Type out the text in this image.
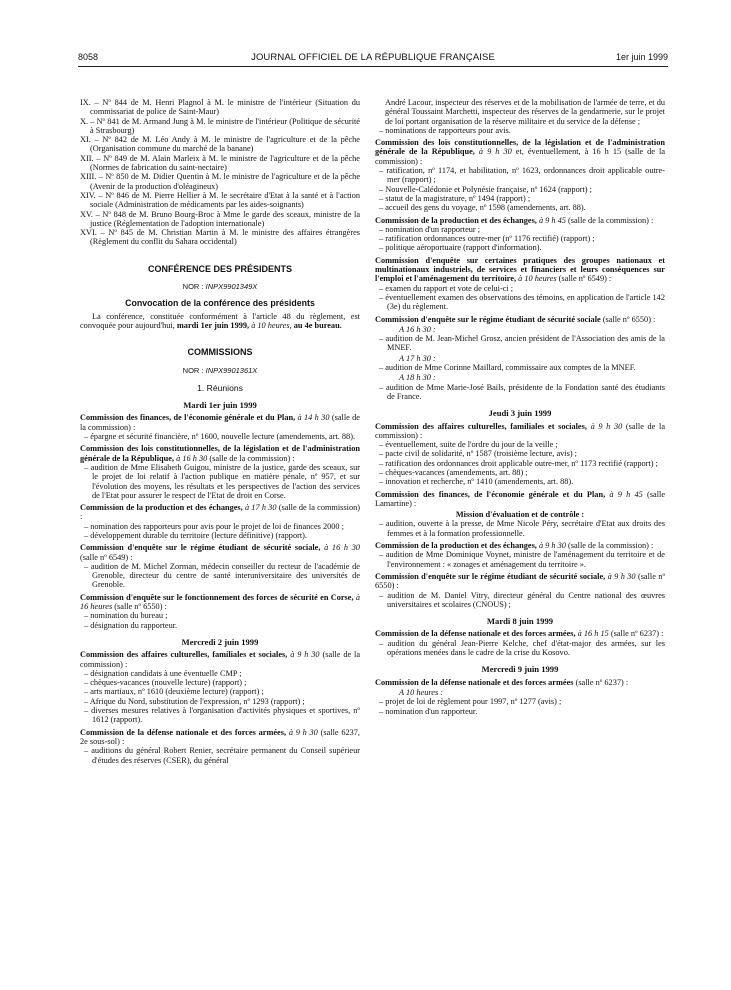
8058	JOURNAL OFFICIEL DE LA RÉPUBLIQUE FRANÇAISE	1er juin 1999

IX. – Nº 844 de M. Henri Plagnol à M. le ministre de l'intérieur (Situation du commissariat de police de Saint-Maur)

X. – Nº 841 de M. Armand Jung à M. le ministre de l'intérieur (Politique de sécurité à Strasbourg)

XI. – Nº 842 de M. Léo Andy à M. le ministre de l'agriculture et de la pêche (Organisation commune du marché de la banane)

XII. – Nº 849 de M. Alain Marleix à M. le ministre de l'agriculture et de la pêche (Normes de fabrication du saint-nectaire)

XIII. – Nº 850 de M. Didier Quentin à M. le ministre de l'agriculture et de la pêche (Avenir de la production d'oléagineux)

XIV. – Nº 846 de M. Pierre Hellier à M. le secrétaire d'Etat à la santé et à l'action sociale (Administration de médicaments par les aides-soignants)

XV. – Nº 848 de M. Bruno Bourg-Broc à Mme le garde des sceaux, ministre de la justice (Réglementation de l'adoption internationale)

XVI. – Nº 845 de M. Christian Martin à M. le ministre des affaires étrangères (Règlement du conflit du Sahara occidental)

CONFÉRENCE DES PRÉSIDENTS

NOR : INPX9901349X

Convocation de la conférence des présidents

La conférence, constituée conformément à l'article 48 du règlement, est convoquée pour aujourd'hui, mardi 1er juin 1999, à 10 heures, au 4e bureau.

COMMISSIONS

NOR : INPX9901361X

1. Réunions

Mardi 1er juin 1999

Commission des finances, de l'économie générale et du Plan, à 14 h 30 (salle de la commission) :

– épargne et sécurité financière, nº 1600, nouvelle lecture (amendements, art. 88).

Commission des lois constitutionnelles, de la législation et de l'administration générale de la République, à 16 h 30 (salle de la commission) :

– audition de Mme Elisabeth Guigou, ministre de la justice, garde des sceaux, sur le projet de loi relatif à l'action publique en matière pénale, nº 957, et sur l'évolution des moyens, les résultats et les perspectives de l'action des services de l'Etat pour assurer le respect de l'Etat de droit en Corse.

Commission de la production et des échanges, à 17 h 30 (salle de la commission) :

– nomination des rapporteurs pour avis pour le projet de loi de finances 2000 ;

– développement durable du territoire (lecture définitive) (rapport).

Commission d'enquête sur le régime étudiant de sécurité sociale, à 16 h 30 (salle nº 6549) :

– audition de M. Michel Zorman, médecin conseiller du recteur de l'académie de Grenoble, directeur du centre de santé interuniversitaire des universités de Grenoble.

Commission d'enquête sur le fonctionnement des forces de sécurité en Corse, à 16 heures (salle nº 6550) :

– nomination du bureau ;

– désignation du rapporteur.

Mercredi 2 juin 1999

Commission des affaires culturelles, familiales et sociales, à 9 h 30 (salle de la commission) :

– désignation candidats à une éventuelle CMP ;

– chèques-vacances (nouvelle lecture) (rapport) ;

– arts martiaux, nº 1610 (deuxième lecture) (rapport) ;

– Afrique du Nord, substitution de l'expression, nº 1293 (rapport) ;

– diverses mesures relatives à l'organisation d'activités physiques et sportives, nº 1612 (rapport).

Commission de la défense nationale et des forces armées, à 9 h 30 (salle 6237, 2e sous-sol) :

– auditions du général Robert Renier, secrétaire permanent du Conseil supérieur d'études des réserves (CSER), du général

André Lacour, inspecteur des réserves et de la mobilisation de l'armée de terre, et du général Toussaint Marchetti, inspecteur des réserves de la gendarmerie, sur le projet de loi portant organisation de la réserve militaire et du service de la défense ;

– nominations de rapporteurs pour avis.

Commission des lois constitutionnelles, de la législation et de l'administration générale de la République, à 9 h 30 et, éventuellement, à 16 h 15 (salle de la commission) :

– ratification, nº 1174, et habilitation, nº 1623, ordonnances droit applicable outre-mer (rapport) ;

– Nouvelle-Calédonie et Polynésie française, nº 1624 (rapport) ;

– statut de la magistrature, nº 1494 (rapport) ;

– accueil des gens du voyage, nº 1598 (amendements, art. 88).

Commission de la production et des échanges, à 9 h 45 (salle de la commission) :

– nomination d'un rapporteur ;

– ratification ordonnances outre-mer (nº 1176 rectifié) (rapport) ;

– politique aéroportuaire (rapport d'information).

Commission d'enquête sur certaines pratiques des groupes nationaux et multinationaux industriels, de services et financiers et leurs conséquences sur l'emploi et l'aménagement du territoire, à 10 heures (salle nº 6549) :

– examen du rapport et vote de celui-ci ;

– éventuellement examen des observations des témoins, en application de l'article 142 (3e) du règlement.

Commission d'enquête sur le régime étudiant de sécurité sociale (salle nº 6550) :

A 16 h 30 :

– audition de M. Jean-Michel Grosz, ancien président de l'Association des amis de la MNEF.

A 17 h 30 :

– audition de Mme Corinne Maillard, commissaire aux comptes de la MNEF.

A 18 h 30 :

– audition de Mme Marie-José Bails, présidente de la Fondation santé des étudiants de France.

Jeudi 3 juin 1999

Commission des affaires culturelles, familiales et sociales, à 9 h 30 (salle de la commission) :

– éventuellement, suite de l'ordre du jour de la veille ;

– pacte civil de solidarité, nº 1587 (troisième lecture, avis) ;

– ratification des ordonnances droit applicable outre-mer, nº 1173 rectifié (rapport) ;

– chèques-vacances (amendements, art. 88) ;

– innovation et recherche, nº 1410 (amendements, art. 88).

Commission des finances, de l'économie générale et du Plan, à 9 h 45 (salle Lamartine) :

Mission d'évaluation et de contrôle :

– audition, ouverte à la presse, de Mme Nicole Péry, secrétaire d'Etat aux droits des femmes et à la formation professionnelle.

Commission de la production et des échanges, à 9 h 30 (salle de la commission) :

– audition de Mme Dominique Voynet, ministre de l'aménagement du territoire et de l'environnement : « zonages et aménagement du territoire ».

Commission d'enquête sur le régime étudiant de sécurité sociale, à 9 h 30 (salle nº 6550) :

– audition de M. Daniel Vitry, directeur général du Centre national des œuvres universitaires et scolaires (CNOUS) ;

Mardi 8 juin 1999

Commission de la défense nationale et des forces armées, à 16 h 15 (salle nº 6237) :

– audition du général Jean-Pierre Kelche, chef d'état-major des armées, sur les opérations menées dans le cadre de la crise du Kosovo.

Mercredi 9 juin 1999

Commission de la défense nationale et des forces armées (salle nº 6237) :

A 10 heures :

– projet de loi de règlement pour 1997, nº 1277 (avis) ;

– nomination d'un rapporteur.
